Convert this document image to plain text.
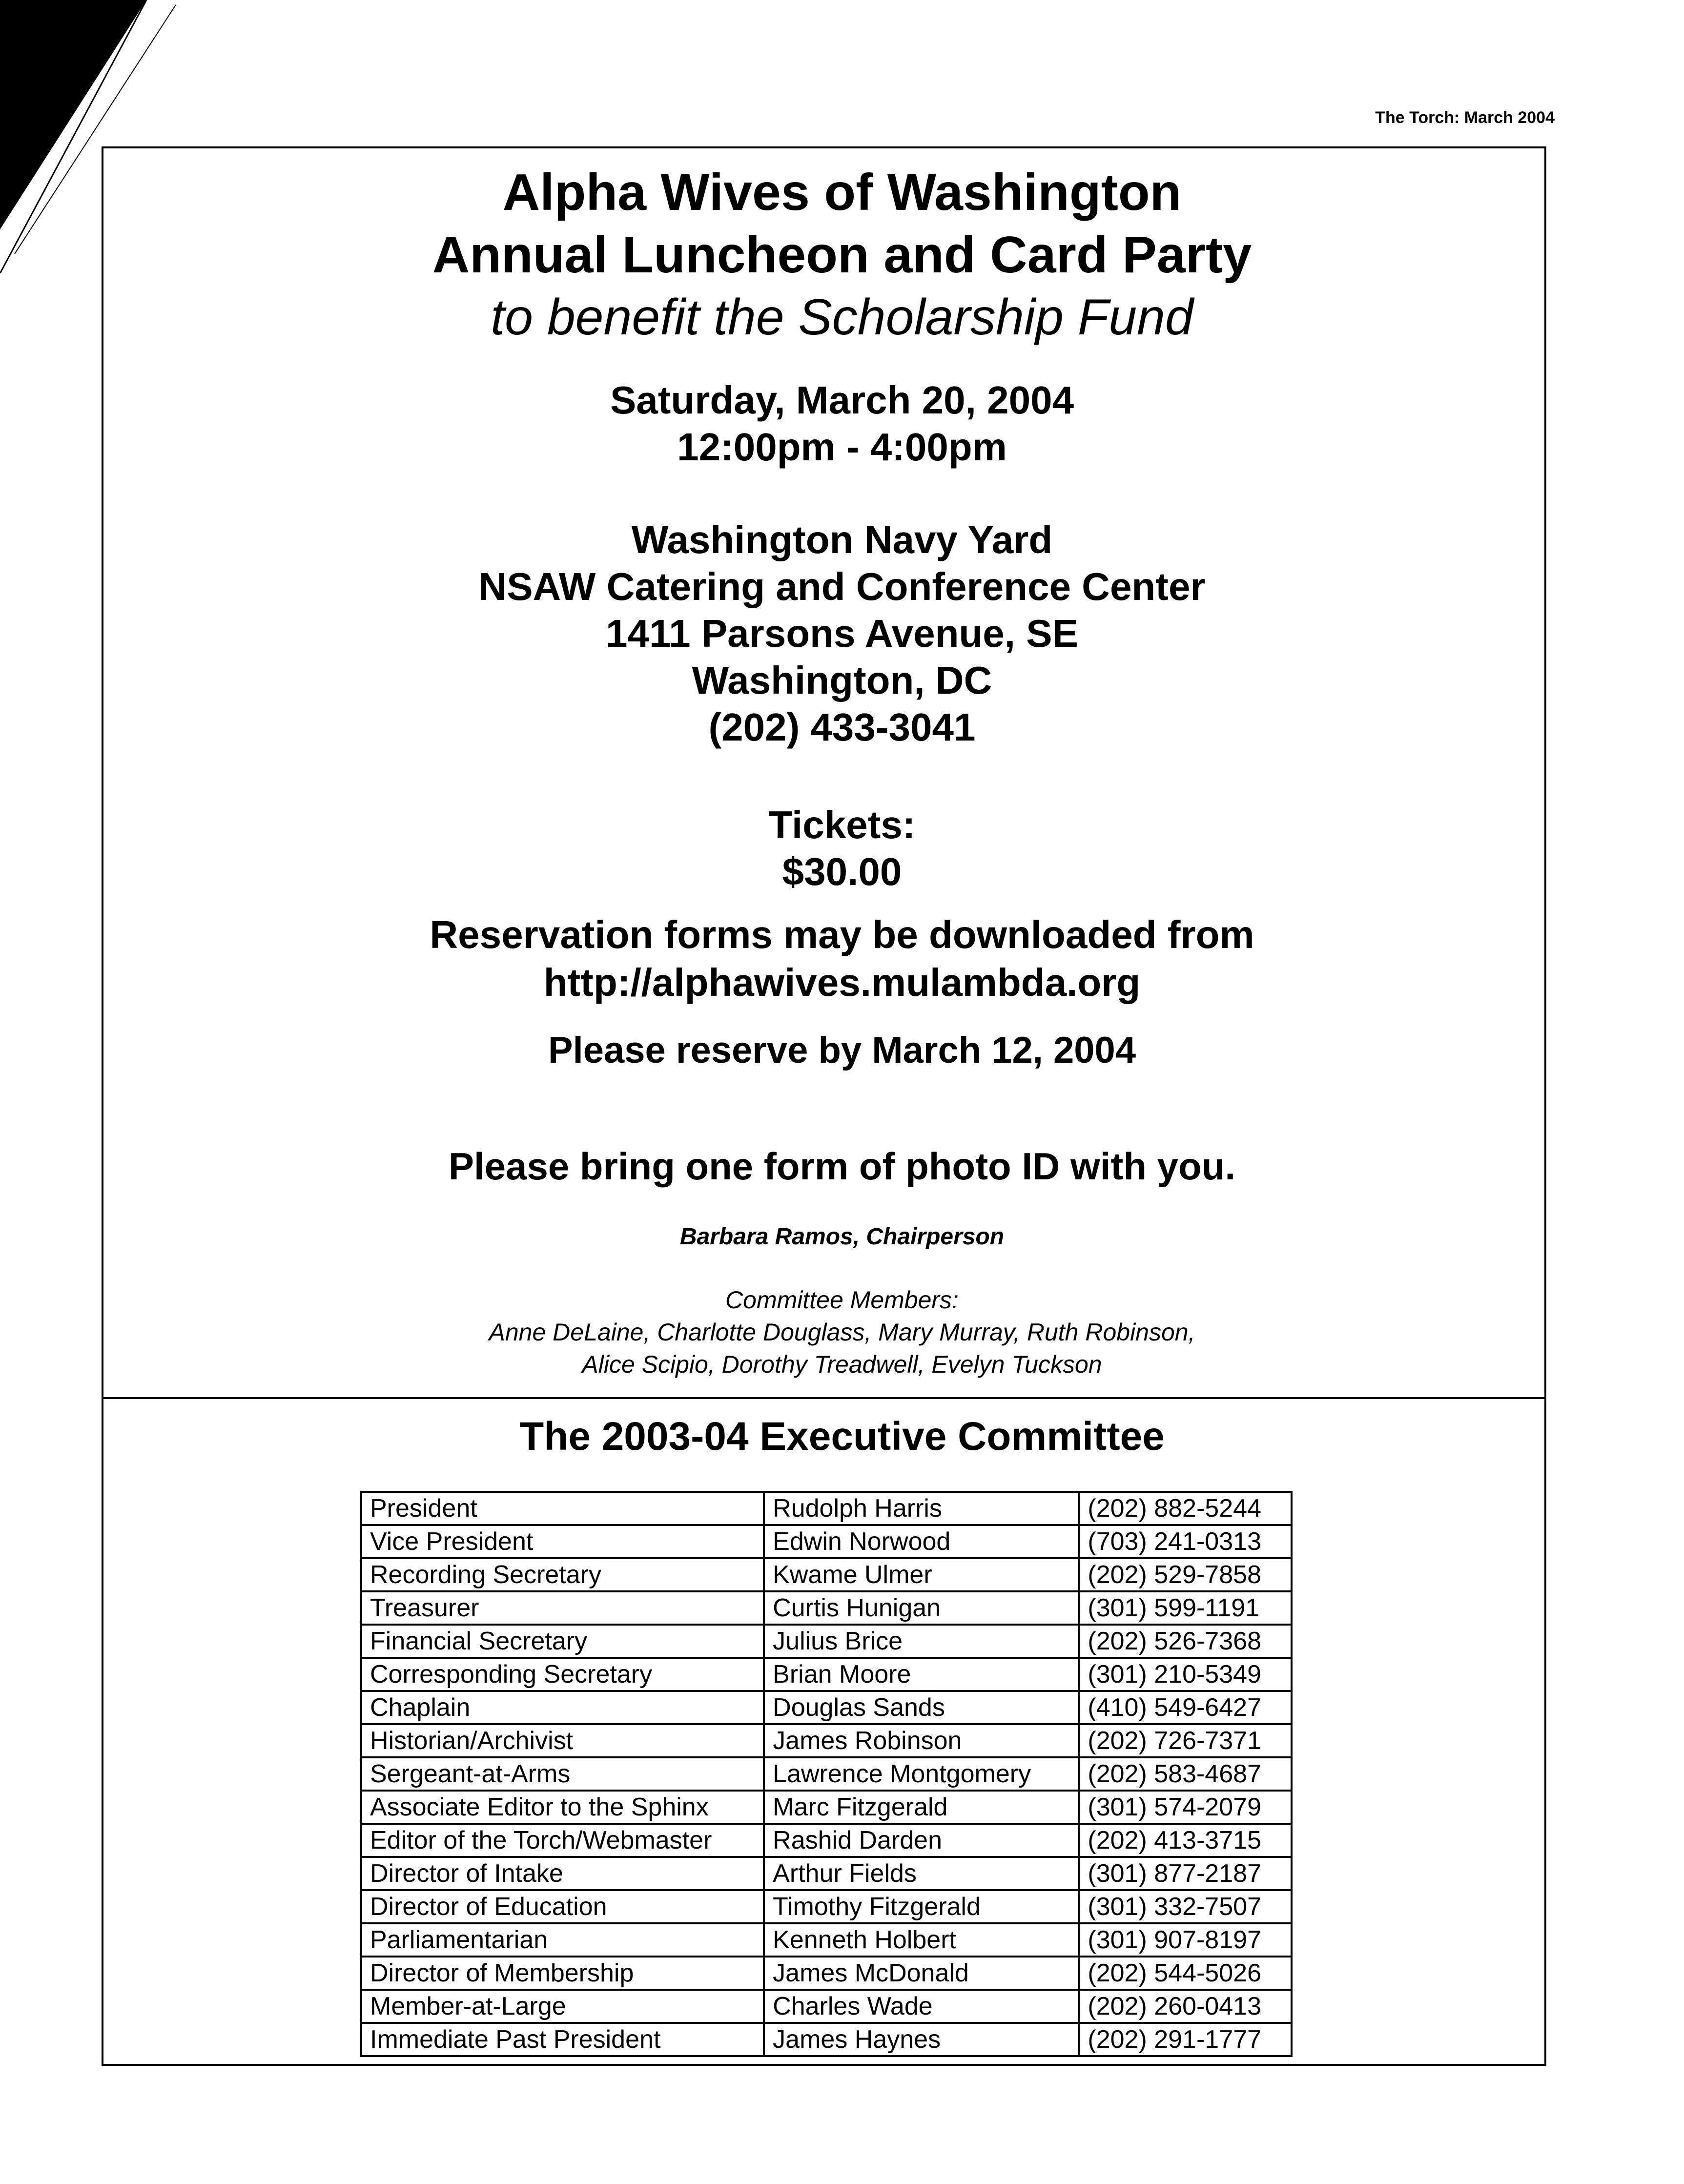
The Torch: March 2004
Alpha Wives of Washington
Annual Luncheon and Card Party
to benefit the Scholarship Fund
Saturday, March 20, 2004
12:00pm - 4:00pm
Washington Navy Yard
NSAW Catering and Conference Center
1411 Parsons Avenue, SE
Washington, DC
(202) 433-3041
Tickets:
$30.00
Reservation forms may be downloaded from
http://alphawives.mulambda.org
Please reserve by March 12, 2004
Please bring one form of photo ID with you.
Barbara Ramos, Chairperson
Committee Members:
Anne DeLaine, Charlotte Douglass, Mary Murray, Ruth Robinson,
Alice Scipio, Dorothy Treadwell, Evelyn Tuckson
The 2003-04 Executive Committee
President	Rudolph Harris	(202) 882-5244
Vice President	Edwin Norwood	(703) 241-0313
Recording Secretary	Kwame Ulmer	(202) 529-7858
Treasurer	Curtis Hunigan	(301) 599-1191
Financial Secretary	Julius Brice	(202) 526-7368
Corresponding Secretary	Brian Moore	(301) 210-5349
Chaplain	Douglas Sands	(410) 549-6427
Historian/Archivist	James Robinson	(202) 726-7371
Sergeant-at-Arms	Lawrence Montgomery	(202) 583-4687
Associate Editor to the Sphinx	Marc Fitzgerald	(301) 574-2079
Editor of the Torch/Webmaster	Rashid Darden	(202) 413-3715
Director of Intake	Arthur Fields	(301) 877-2187
Director of Education	Timothy Fitzgerald	(301) 332-7507
Parliamentarian	Kenneth Holbert	(301) 907-8197
Director of Membership	James McDonald	(202) 544-5026
Member-at-Large	Charles Wade	(202) 260-0413
Immediate Past President	James Haynes	(202) 291-1777
